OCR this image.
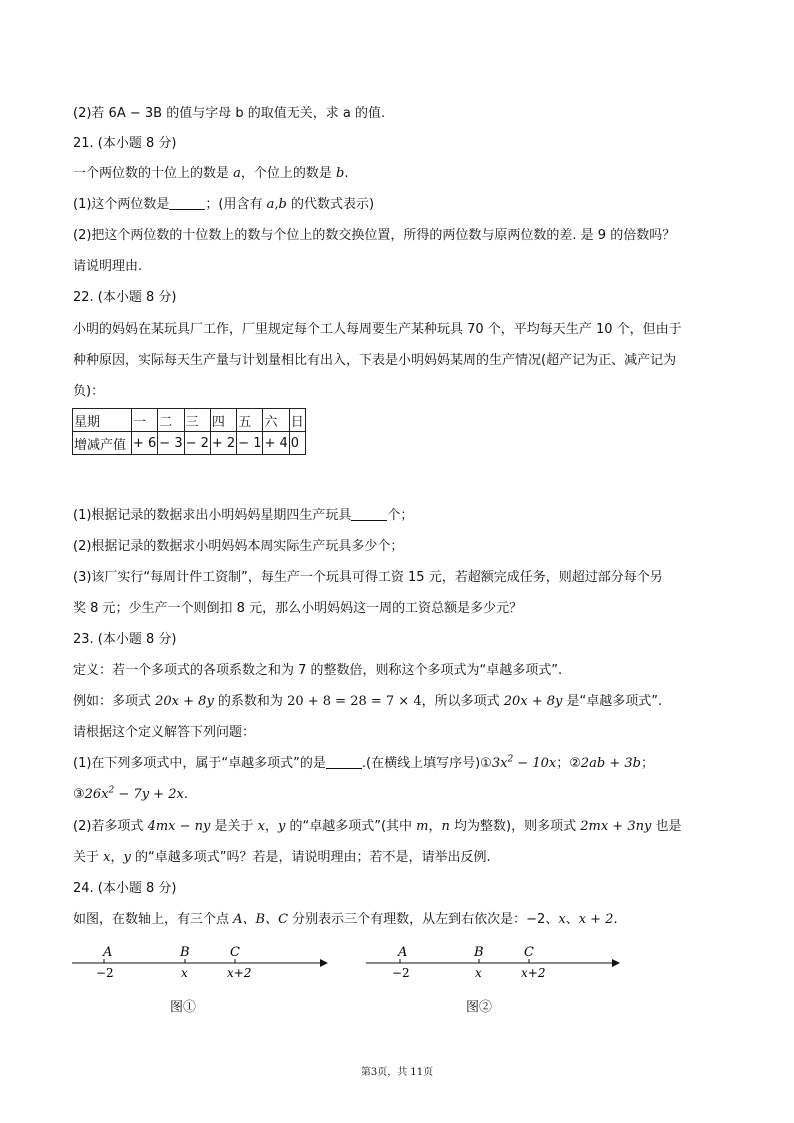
(2)若 6A − 3B 的值与字母 b 的取值无关，求 a 的值.
21. (本小题 8 分)
一个两位数的十位上的数是 a，个位上的数是 b.
(1)这个两位数是	；(用含有 a,b 的代数式表示)
(2)把这个两位数的十位数上的数与个位上的数交换位置，所得的两位数与原两位数的差. 是 9 的倍数吗？
请说明理由.
22. (本小题 8 分)
小明的妈妈在某玩具厂工作，厂里规定每个工人每周要生产某种玩具 70 个，平均每天生产 10 个，但由于
种种原因，实际每天生产量与计划量相比有出入，下表是小明妈妈某周的生产情况(超产记为正、减产记为
负)：
星期	一	二	三	四	五	六	日
增减产值	+ 6	− 3	− 2	+ 2	− 1	+ 4	0
(1)根据记录的数据求出小明妈妈星期四生产玩具	个；
(2)根据记录的数据求小明妈妈本周实际生产玩具多少个；
(3)该厂实行“每周计件工资制”，每生产一个玩具可得工资 15 元，若超额完成任务，则超过部分每个另
奖 8 元；少生产一个则倒扣 8 元，那么小明妈妈这一周的工资总额是多少元？
23. (本小题 8 分)
定义：若一个多项式的各项系数之和为 7 的整数倍，则称这个多项式为“卓越多项式”.
例如：多项式 20x + 8y 的系数和为 20 + 8 = 28 = 7 × 4，所以多项式 20x + 8y 是“卓越多项式”.
请根据这个定义解答下列问题：
(1)在下列多项式中，属于“卓越多项式”的是	.(在横线上填写序号)$①3x^2 - 10x$；②2ab + 3b；
$③26x^2 - 7y + 2x$.
(2)若多项式 4mx − ny 是关于 x，y 的“卓越多项式”(其中 m，n 均为整数)，则多项式 2mx + 3ny 也是
关于 x，y 的“卓越多项式”吗？若是，请说明理由；若不是，请举出反例.
24. (本小题 8 分)
如图，在数轴上，有三个点 A、B、C 分别表示三个有理数，从左到右依次是：−2、x、x + 2.
A	B	C
−2	x	x+2
图①
A	B	C
−2	x	x+2
图②
第3页，共 11页
